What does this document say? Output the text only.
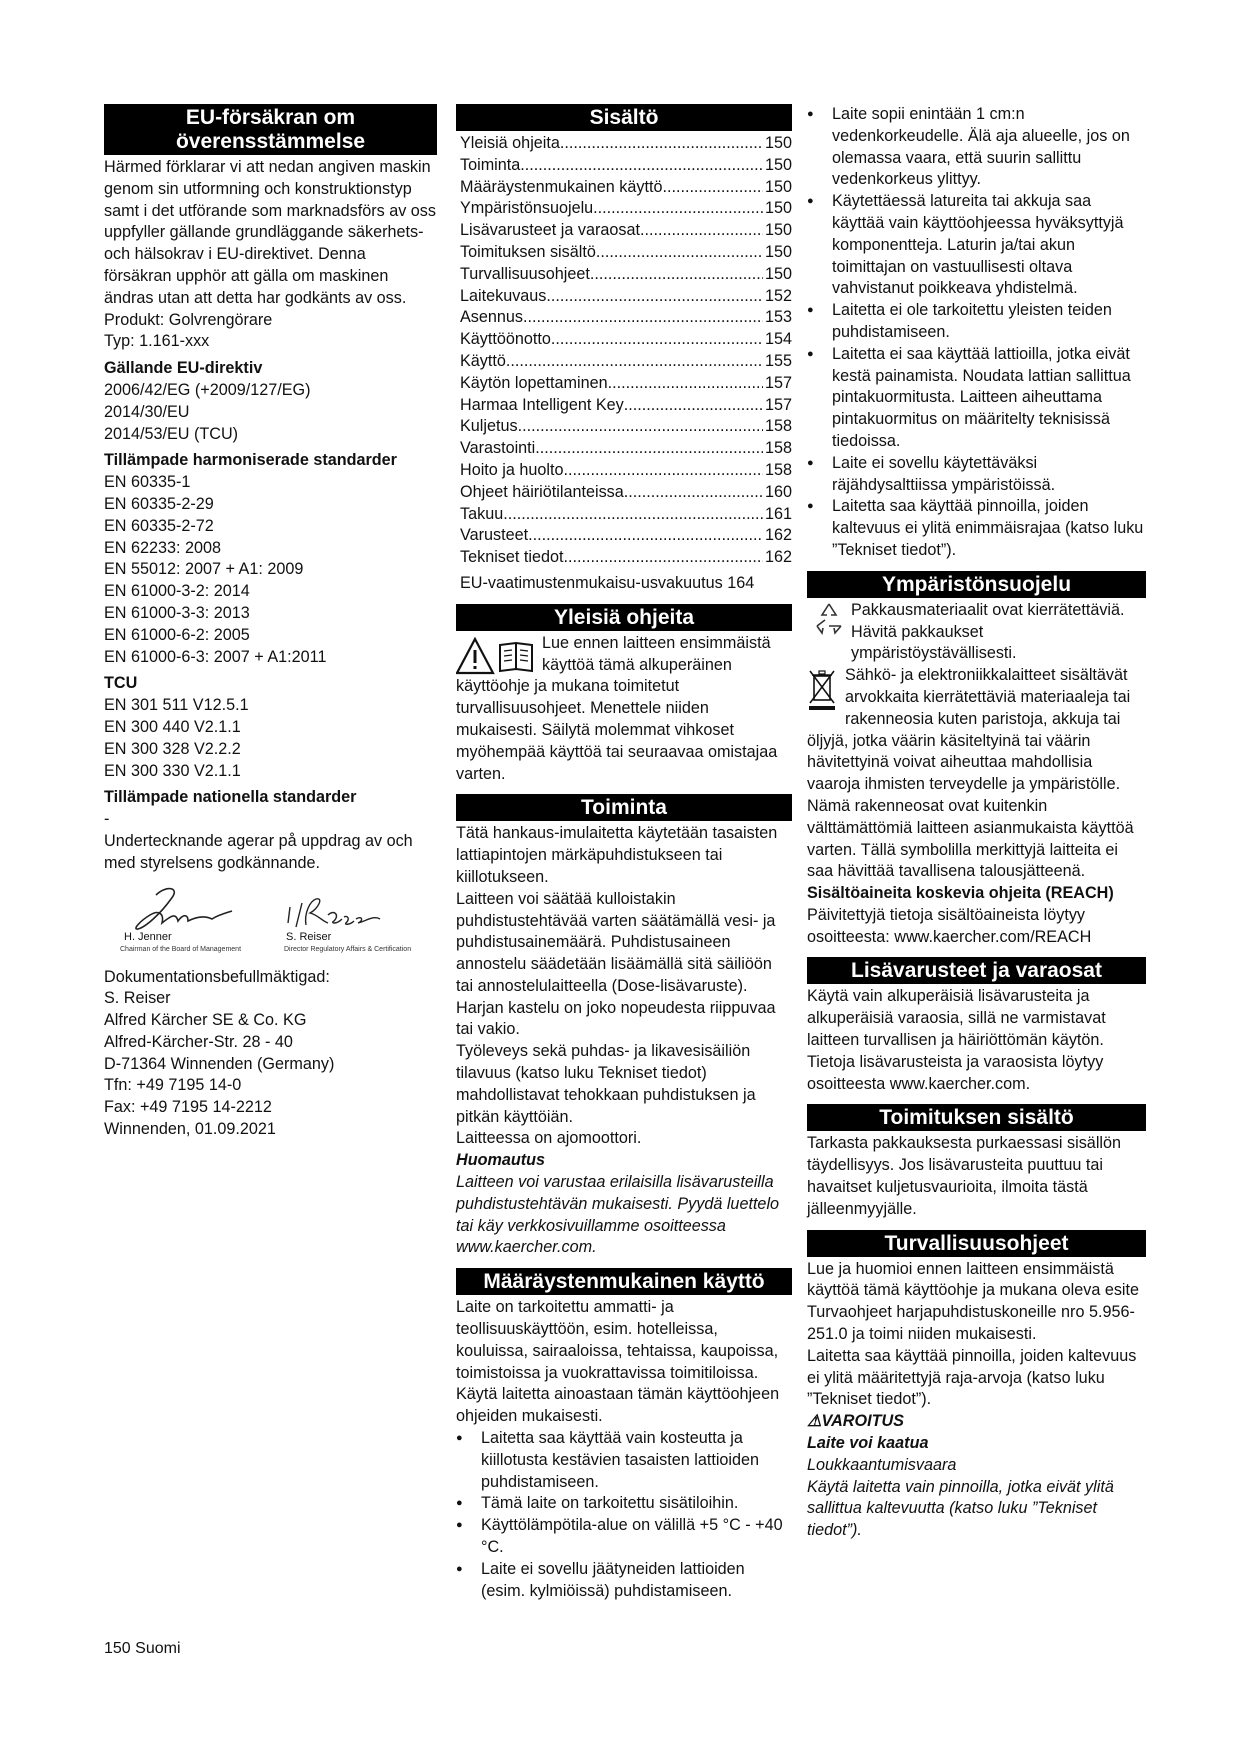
EU-försäkran om överensstämmelse

Härmed förklarar vi att nedan angiven maskin genom sin utformning och konstruktionstyp samt i det utförande som marknadsförs av oss uppfyller gällande grundläggande säkerhets- och hälsokrav i EU-direktivet. Denna försäkran upphör att gälla om maskinen ändras utan att detta har godkänts av oss.

Produkt: Golvrengörare

Typ: 1.161-xxx

Gällande EU-direktiv

2006/42/EG (+2009/127/EG)

2014/30/EU

2014/53/EU (TCU)

Tillämpade harmoniserade standarder

EN 60335-1

EN 60335-2-29

EN 60335-2-72

EN 62233: 2008

EN 55012: 2007 + A1: 2009

EN 61000-3-2: 2014

EN 61000-3-3: 2013

EN 61000-6-2: 2005

EN 61000-6-3: 2007 + A1:2011

TCU

EN 301 511 V12.5.1

EN 300 440 V2.1.1

EN 300 328 V2.2.2

EN 300 330 V2.1.1

Tillämpade nationella standarder

-

Undertecknande agerar på uppdrag av och med styrelsens godkännande.

H. Jenner
Chairman of the Board of Management
S. Reiser
Director Regulatory Affairs & Certification

Dokumentationsbefullmäktigad:

S. Reiser

Alfred Kärcher SE & Co. KG

Alfred-Kärcher-Str. 28 - 40

D-71364 Winnenden (Germany)

Tfn: +49 7195 14-0

Fax: +49 7195 14-2212

Winnenden, 01.09.2021

Sisältö
Yleisiä ohjeita .....	150
Toiminta .....	150
Määräystenmukainen käyttö .....	150
Ympäristönsuojelu .....	150
Lisävarusteet ja varaosat .....	150
Toimituksen sisältö .....	150
Turvallisuusohjeet .....	150
Laitekuvaus .....	152
Asennus .....	153
Käyttöönotto .....	154
Käyttö .....	155
Käytön lopettaminen .....	157
Harmaa Intelligent Key .....	157
Kuljetus .....	158
Varastointi .....	158
Hoito ja huolto .....	158
Ohjeet häiriötilanteissa .....	160
Takuu .....	161
Varusteet .....	162
Tekniset tiedot .....	162
EU-vaatimustenmukaisu-usvakuutus 164
Yleisiä ohjeita

Lue ennen laitteen ensimmäistä käyttöä tämä alkuperäinen käyttöohje ja mukana toimitetut turvallisuusohjeet. Menettele niiden mukaisesti. Säilytä molemmat vihkoset myöhempää käyttöä tai seuraavaa omistajaa varten.

Toiminta

Tätä hankaus-imulaitetta käytetään tasaisten lattiapintojen märkäpuhdistukseen tai kiillotukseen.

Laitteen voi säätää kulloistakin puhdistustehtävää varten säätämällä vesi- ja puhdistusainemäärä. Puhdistusaineen annostelu säädetään lisäämällä sitä säiliöön tai annostelulaitteella (Dose-lisävaruste).

Harjan kastelu on joko nopeudesta riippuvaa tai vakio.

Työleveys sekä puhdas- ja likavesisäiliön tilavuus (katso luku Tekniset tiedot) mahdollistavat tehokkaan puhdistuksen ja pitkän käyttöiän.

Laitteessa on ajomoottori.

Huomautus

Laitteen voi varustaa erilaisilla lisävarusteilla puhdistustehtävän mukaisesti. Pyydä luettelo tai käy verkkosivuillamme osoitteessa www.kaercher.com.

Määräystenmukainen käyttö

Laite on tarkoitettu ammatti- ja teollisuuskäyttöön, esim. hotelleissa, kouluissa, sairaaloissa, tehtaissa, kaupoissa, toimistoissa ja vuokrattavissa toimitiloissa. Käytä laitetta ainoastaan tämän käyttöohjeen ohjeiden mukaisesti.

● Laitetta saa käyttää vain kosteutta ja kiillotusta kestävien tasaisten lattioiden puhdistamiseen.
● Tämä laite on tarkoitettu sisätiloihin.
● Käyttölämpötila-alue on välillä +5 °C - +40 °C.
● Laite ei sovellu jäätyneiden lattioiden (esim. kylmiöissä) puhdistamiseen.
● Laite sopii enintään 1 cm:n vedenkorkeudelle. Älä aja alueelle, jos on olemassa vaara, että suurin sallittu vedenkorkeus ylittyy.
● Käytettäessä latureita tai akkuja saa käyttää vain käyttöohjeessa hyväksyttyjä komponentteja. Laturin ja/tai akun toimittajan on vastuullisesti oltava vahvistanut poikkeava yhdistelmä.
● Laitetta ei ole tarkoitettu yleisten teiden puhdistamiseen.
● Laitetta ei saa käyttää lattioilla, jotka eivät kestä painamista. Noudata lattian sallittua pintakuormitusta. Laitteen aiheuttama pintakuormitus on määritelty teknisissä tiedoissa.
● Laite ei sovellu käytettäväksi räjähdysalttiissa ympäristöissä.
● Laitetta saa käyttää pinnoilla, joiden kaltevuus ei ylitä enimmäisrajaa (katso luku ”Tekniset tiedot”).
Ympäristönsuojelu

Pakkausmateriaalit ovat kierrätettäviä. Hävitä pakkaukset ympäristöystävällisesti.

Sähkö- ja elektroniikkalaitteet sisältävät arvokkaita kierrätettäviä materiaaleja tai rakenneosia kuten paristoja, akkuja tai öljyjä, jotka väärin käsiteltyinä tai väärin hävitettyinä voivat aiheuttaa mahdollisia vaaroja ihmisten terveydelle ja ympäristölle. Nämä rakenneosat ovat kuitenkin välttämättömiä laitteen asianmukaista käyttöä varten. Tällä symbolilla merkittyjä laitteita ei saa hävittää tavallisena talousjätteenä.

Sisältöaineita koskevia ohjeita (REACH)

Päivitettyjä tietoja sisältöaineista löytyy osoitteesta: www.kaercher.com/REACH

Lisävarusteet ja varaosat

Käytä vain alkuperäisiä lisävarusteita ja alkuperäisiä varaosia, sillä ne varmistavat laitteen turvallisen ja häiriöttömän käytön. Tietoja lisävarusteista ja varaosista löytyy osoitteesta www.kaercher.com.

Toimituksen sisältö

Tarkasta pakkauksesta purkaessasi sisällön täydellisyys. Jos lisävarusteita puuttuu tai havaitset kuljetusvaurioita, ilmoita tästä jälleenmyyjälle.

Turvallisuusohjeet

Lue ja huomioi ennen laitteen ensimmäistä käyttöä tämä käyttöohje ja mukana oleva esite Turvaohjeet harjapuhdistuskoneille nro 5.956-251.0 ja toimi niiden mukaisesti.

Laitetta saa käyttää pinnoilla, joiden kaltevuus ei ylitä määritettyjä raja-arvoja (katso luku ”Tekniset tiedot”).

⚠VAROITUS

Laite voi kaatua

Loukkaantumisvaara

Käytä laitetta vain pinnoilla, jotka eivät ylitä sallittua kaltevuutta (katso luku ”Tekniset tiedot”).

150 Suomi
